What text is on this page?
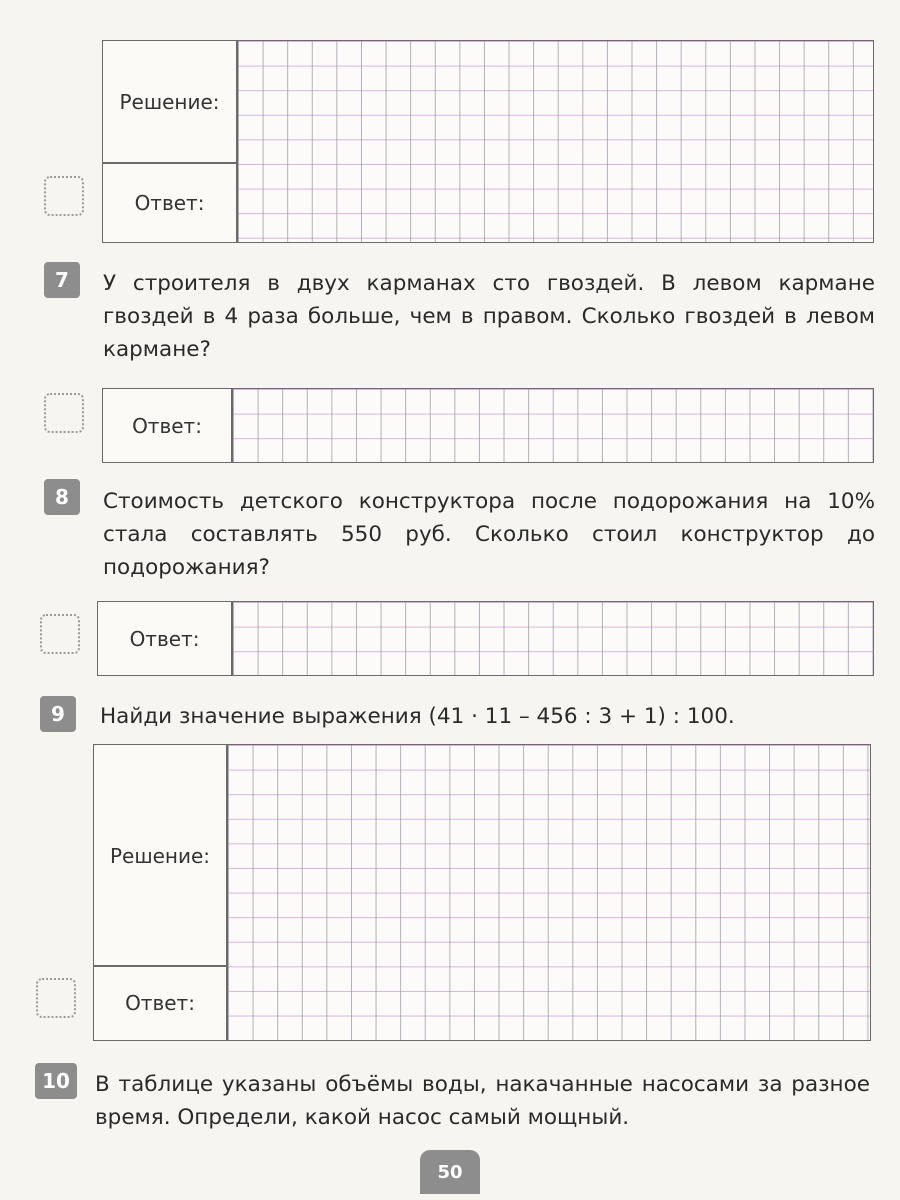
Решение:
Ответ:
7 У строителя в двух карманах сто гвоздей. В левом кармане гвоздей в 4 раза больше, чем в правом. Сколько гвоздей в левом кармане?
Ответ:
8 Стоимость детского конструктора после подорожания на 10% стала составлять 550 руб. Сколько стоил конструктор до подорожания?
Ответ:
9 Найди значение выражения (41 · 11 – 456 : 3 + 1) : 100.
Решение:
Ответ:
10 В таблице указаны объёмы воды, накачанные насосами за разное время. Определи, какой насос самый мощный.
50
